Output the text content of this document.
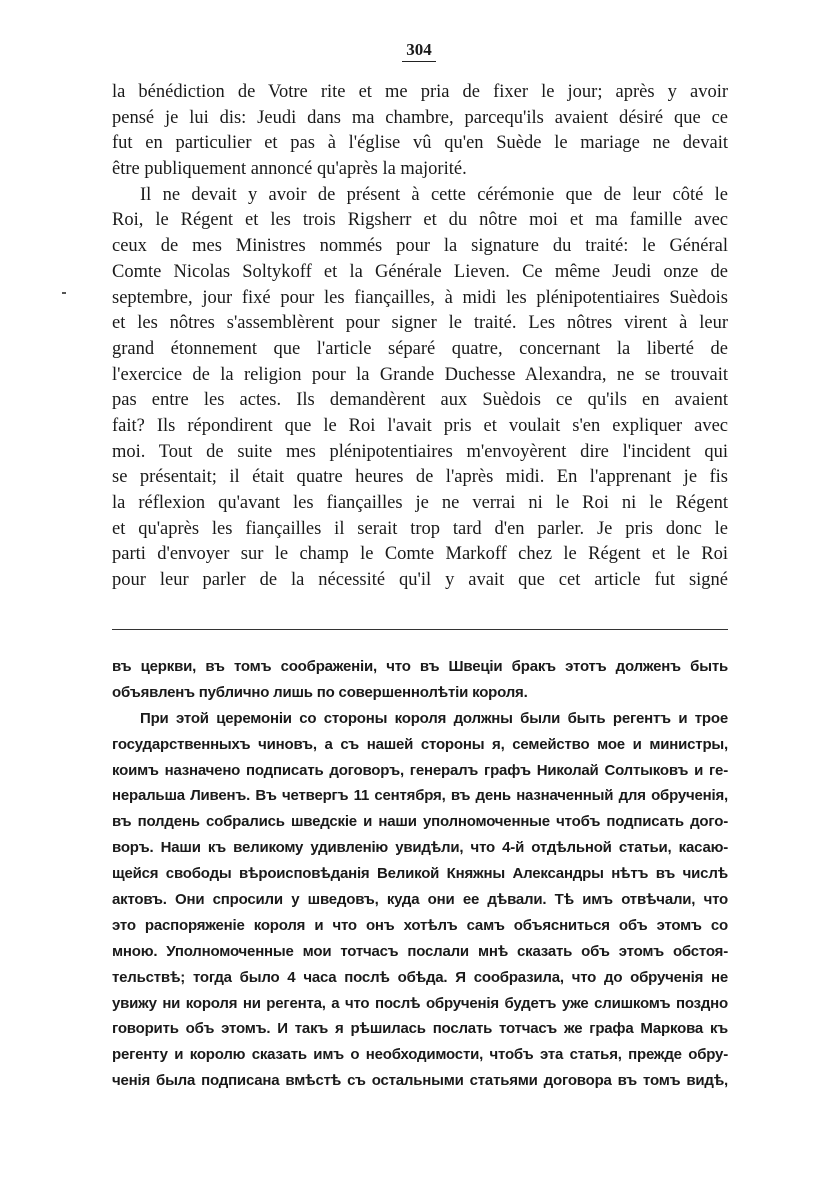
304
la bénédiction de Votre rite et me pria de fixer le jour; après y avoir
pensé je lui dis: Jeudi dans ma chambre, parcequ'ils avaient désiré que ce
fut en particulier et pas à l'église vû qu'en Suède le mariage ne devait
être publiquement annoncé qu'après la majorité.
Il ne devait y avoir de présent à cette cérémonie que de leur côté le
Roi, le Régent et les trois Rigsherr et du nôtre moi et ma famille avec
ceux de mes Ministres nommés pour la signature du traité: le Général
Comte Nicolas Soltykoff et la Générale Lieven. Ce même Jeudi onze de
septembre, jour fixé pour les fiançailles, à midi les plénipotentiaires Suèdois
et les nôtres s'assemblèrent pour signer le traité. Les nôtres virent à leur
grand étonnement que l'article séparé quatre, concernant la liberté de
l'exercice de la religion pour la Grande Duchesse Alexandra, ne se trouvait
pas entre les actes. Ils demandèrent aux Suèdois ce qu'ils en avaient
fait? Ils répondirent que le Roi l'avait pris et voulait s'en expliquer avec
moi. Tout de suite mes plénipotentiaires m'envoyèrent dire l'incident qui
se présentait; il était quatre heures de l'après midi. En l'apprenant je fis
la réflexion qu'avant les fiançailles je ne verrai ni le Roi ni le Régent
et qu'après les fiançailles il serait trop tard d'en parler. Je pris donc le
parti d'envoyer sur le champ le Comte Markoff chez le Régent et le Roi
pour leur parler de la nécessité qu'il y avait que cet article fut signé
въ церкви, въ томъ соображеніи, что въ Швеціи бракъ этотъ долженъ быть
объявленъ публично лишь по совершеннолѣтіи короля.
При этой церемоніи со стороны короля должны были быть регентъ и трое
государственныхъ чиновъ, а съ нашей стороны я, семейство мое и министры,
коимъ назначено подписать договоръ, генералъ графъ Николай Солтыковъ и ге-
неральша Ливенъ. Въ четвергъ 11 сентября, въ день назначенный для обрученія,
въ полдень собрались шведскіе и наши уполномоченные чтобъ подписать дого-
воръ. Наши къ великому удивленію увидѣли, что 4-й отдѣльной статьи, касаю-
щейся свободы вѣроисповѣданія Великой Княжны Александры нѣтъ въ числѣ
актовъ. Они спросили у шведовъ, куда они ее дѣвали. Тѣ имъ отвѣчали, что
это распоряженіе короля и что онъ хотѣлъ самъ объясниться объ этомъ со
мною. Уполномоченные мои тотчасъ послали мнѣ сказать объ этомъ обстоя-
тельствѣ; тогда было 4 часа послѣ обѣда. Я сообразила, что до обрученія не
увижу ни короля ни регента, а что послѣ обрученія будетъ уже слишкомъ поздно
говорить объ этомъ. И такъ я рѣшилась послать тотчасъ же графа Маркова къ
регенту и королю сказать имъ о необходимости, чтобъ эта статья, прежде обру-
ченія была подписана вмѣстѣ съ остальными статьями договора въ томъ видѣ,
